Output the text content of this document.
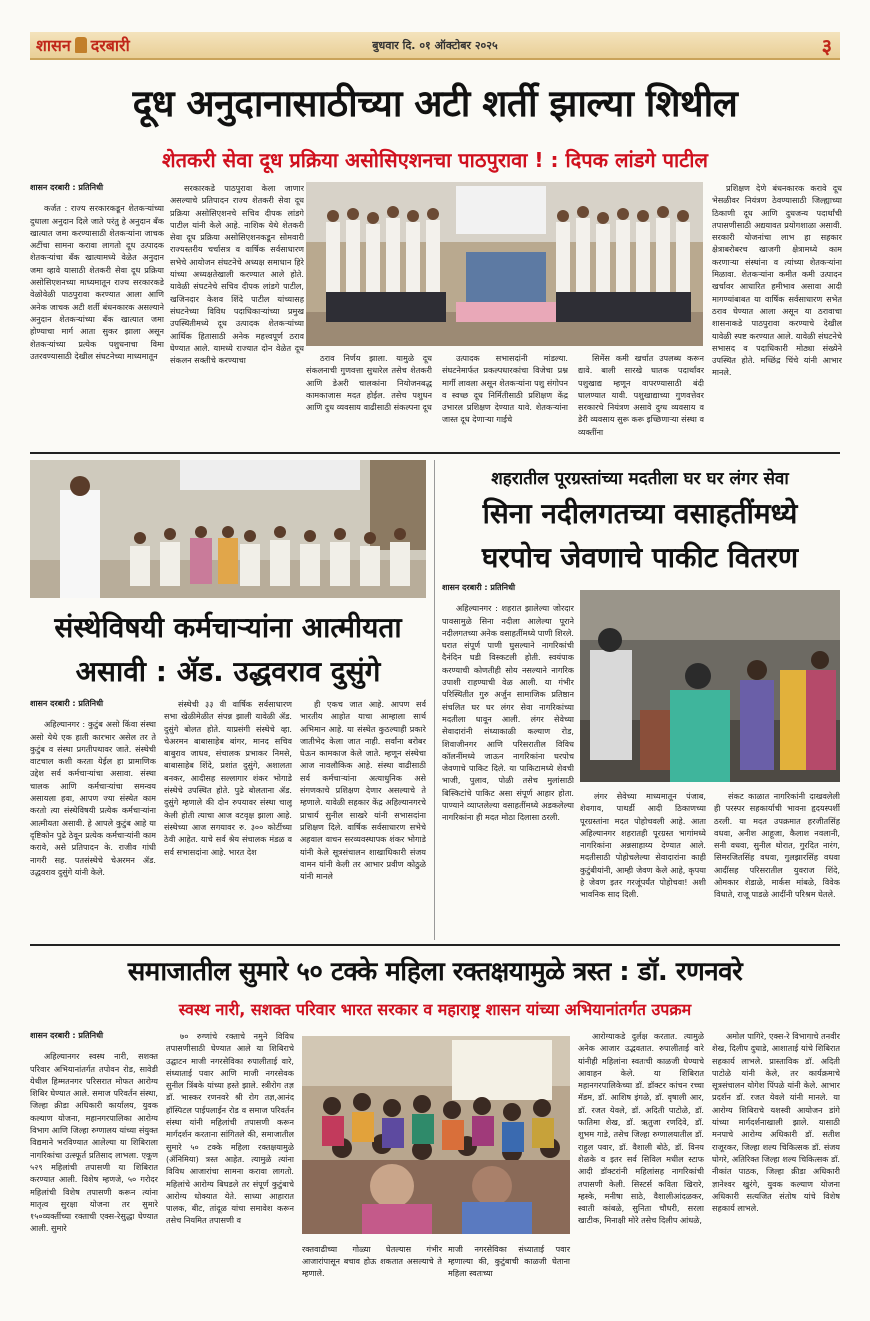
शासन दरबारी	बुधवार दि. ०१ ऑक्टोबर २०२५	३
दूध अनुदानासाठीच्या अटी शर्ती झाल्या शिथील
शेतकरी सेवा दूध प्रक्रिया असोसिएशनचा पाठपुरावा ! : दिपक लांडगे पाटील
शासन दरबारी : प्रतिनिधी

कर्जत : राज्य सरकारकडून शेतकऱ्यांच्या दुधाला अनुदान दिले जाते परंतु हे अनुदान बँक खात्यात जमा करण्यासाठी शेतकऱ्यांना जाचक अटींचा सामना करावा लागतो दूध उत्पादक शेतकऱ्यांचा बँक खात्यामध्ये वेळेत अनुदान जमा व्हावे यासाठी शेतकरी सेवा दूध प्रक्रिया असोसिएशनच्या माध्यमातून राज्य सरकारकडे वेळोवेळी पाठपुरावा करण्यात आला आणि अनेक जाचक अटी शर्ती बंधनकारक असल्याने अनुदान शेतकऱ्यांच्या बँक खात्यात जमा होण्याचा मार्ग आता सुकर झाला असून शेतकऱ्यांच्या प्रत्येक पशुधनाचा विमा उतरवण्यासाठी देखील संघटनेच्या माध्यमातून

सरकारकडे पाठपुरावा केला जाणार असल्याचे प्रतिपादन राज्य शेतकरी सेवा दूध प्रक्रिया असोसिएशनचे सचिव दीपक लांडगे पाटील यांनी केले आहे. नाशिक येथे शेतकरी सेवा दूध प्रक्रिया असोसिएशनकडून सोमवारी राज्यस्तरीय चर्चासत्र व वार्षिक सर्वसाधारण सभेचे आयोजन संघटनेचे अध्यक्ष समाधान हिरे यांच्या अध्यक्षतेखाली करण्यात आले होते. यावेळी संघटनेचे सचिव दीपक लांडगे पाटील, खजिनदार केशव शिंदे पाटील यांच्यासह संघटनेच्या विविध पदाधिकाऱ्यांच्या प्रमुख उपस्थितीमध्ये दूध उत्पादक शेतकऱ्यांच्या आर्थिक हितासाठी अनेक महत्त्वपूर्ण ठराव घेण्यात आले. यामध्ये राज्यात दोन वेळेत दूध संकलन सक्तीचे करण्याचा	ठराव निर्णय झाला. यामुळे दूध संकलनाची गुणवत्ता सुधारेल तसेच शेतकरी आणि डेअरी चालकांना नियोजनबद्ध कामकाजास मदत होईल. तसेच पशुधन आणि दुध व्यवसाय वाढीसाठी संकल्पना दूध

उत्पादक सभासदांनी मांडल्या. संघटनेमार्फत प्रकल्पधारकांचा विजेचा प्रश्न मार्गी लावला असून शेतकऱ्यांना पशु संगोपन व स्वच्छ दूध निर्मितीसाठी प्रशिक्षण केंद्र उभारल प्रशिक्षण देण्यात यावे. शेतकऱ्यांना जास्त दूध देणाऱ्या गाईचे

सिमेंस कमी खर्चात उपलब्ध करून द्यावे. बाली सारखे घातक पदार्थांवर पशुखाद्य म्हणून वापरण्यासाठी बंदी घालण्यात यावी. पशुखाद्याच्या गुणवत्तेवर सरकारचे नियंत्रण असावे दुग्ध व्यवसाय व डेरी व्यवसाय सुरू करू इच्छिणाऱ्या संस्था व व्यक्तींना

प्रशिक्षण देणे बंधनकारक करावे दूध भेसळीवर नियंत्रण ठेवण्यासाठी जिल्ह्याच्या ठिकाणी दूध आणि दुधजन्य पदार्थांची तपासणीसाठी अद्ययावत प्रयोगशाळा असावी. सरकारी योजनांचा लाभ हा सहकार क्षेत्राबरोबरच खाजगी क्षेत्रामध्ये काम करणाऱ्या संस्थांना व त्यांच्या शेतकऱ्यांना मिळावा. शेतकऱ्यांना कमीत कमी उत्पादन खर्चावर आधारित हमीभाव असावा आदी मागण्यांबाबत या वार्षिक सर्वसाधारण सभेत ठराव घेण्यात आला असून या ठरावाचा शासनाकडे पाठपुरावा करण्याचे देखील यावेळी स्पष्ट करण्यात आले. यावेळी संघटनेचे सभासद व पदाधिकारी मोठ्या संख्येने उपस्थित होते. मच्छिंद्र चिंचे यांनी आभार मानले.

संस्थेविषयी कर्मचाऱ्यांना आत्मीयता
असावी : ॲड. उद्धवराव दुसुंगे
शासन दरबारी : प्रतिनिधी

अहिल्यानगर : कुटुंब असो किंवा संस्था असो येथे एक हाती कारभार असेल तर ते कुटुंब व संस्था प्रगतीपथावर जाते. संस्थेची वाटचाल कशी करता येईल हा प्रामाणिक उद्देश सर्व कर्मचाऱ्यांचा असावा. संस्था चालक आणि कर्मचाऱ्यांचा समन्वय असायला हवा, आपण ज्या संस्थेत काम करतो त्या संस्थेविषयी प्रत्येक कर्मचाऱ्यांना आत्मीयता असावी. हे आपले कुटुंब आहे या दृष्टिकोन पुढे ठेवून प्रत्येक कर्मचाऱ्यांनी काम करावे, असे प्रतिपादन के. राजीव गांधी नागरी सह. पतसंस्थेचे चेअरमन ॲड. उद्धवराव दुसुंगे यांनी केले.

संस्थेची ३३ वी वार्षिक सर्वसाधारण सभा खेळीमेळीत संपन्न झाली यावेळी ॲड. दुसुंगे बोलत होते. याप्रसंगी संस्थेचे व्हा. चेअरमन बाबासाहेब बांगर, मानद सचिव बाबुराव जाधव, संचालक प्रभाकर निमसे, बाबासाहेब शिंदे, प्रशांत दुसुंगे, अशालता बनकर, आदीसह सल्लागार शंकर भोगाडे संस्थेचे उपस्थित होते. पुढे बोलताना ॲड. दुसुंगे म्हणाले की दोन रुपयावर संस्था चालू केली होती त्याचा आज वटवृक्ष झाला आहे. संस्थेच्या आज सगयावर रु. ३०० कोटींच्या ठेवी आहेत. याचे सर्व श्रेय संचालक मंडळ व सर्व सभासदांना आहे. भारत देश

ही एकच जात आहे. आपण सर्व भारतीय आहोत याचा आम्हाला सार्थ अभिमान आहे. या संस्थेत कुठल्याही प्रकारे जातीभेद केला जात नाही. सर्वांना बरोबर घेऊन कामकाज केले जाते. म्हणून संस्थेचा आज नावलौकिक आहे. संस्था वाढीसाठी सर्व कर्मचाऱ्यांना अत्याधुनिक असे संगणकाचे प्रशिक्षण देणार असल्याचे ते म्हणाले. यावेळी सहकार केंद्र अहिल्यानगरचे प्राचार्य सुनील साखरे यांनी सभासदांना प्रशिक्षण दिले. वार्षिक सर्वसाधारण सभेचे अहवाल वाचन सरव्यवस्थापक शंकर भोगाडे यांनी केले सूत्रसंचालन शाखाधिकारी संजय वामन यांनी केली तर आभार प्रवीण कोठुळे यांनी मानले

शहरातील पूरग्रस्तांच्या मदतीला घर घर लंगर सेवा
सिना नदीलगतच्या वसाहतींमध्ये
घरपोच जेवणाचे पाकीट वितरण
शासन दरबारी : प्रतिनिधी

अहिल्यानगर : शहरात झालेल्या जोरदार पावसामुळे सिना नदीला आलेल्या पूराने नदीलगतच्या अनेक वसाहतींमध्ये पाणी शिरले. घरात संपूर्ण पाणी घुसल्याने नागरिकांची दैनंदिन घडी विस्कटली होती. स्वयंपाक करण्याची कोणतीही सोय नसल्याने नागरिक उपाशी राहण्याची वेळ आली. या गंभीर परिस्थितीत गुरु अर्जुन सामाजिक प्रतिष्ठान संचलित घर घर लंगर सेवा नागरिकांच्या मदतीला धावून आली. लंगर सेवेच्या सेवादारांनी संध्याकाळी कल्याण रोड, शिवाजीनगर आणि परिसरातील विविध कॉलनींमध्ये जाऊन नागरिकांना घरपोच जेवणाचे पाकिट दिले. या पाकिटामध्ये शेवची भाजी, पुलाव, पोळी तसेच मुलांसाठी बिस्किटांचे पाकिट असा संपूर्ण आहार होता. पाण्याने व्याप्तलेल्या वसाहतींमध्ये अडकलेल्या नागरिकांना ही मदत मोठा दिलासा ठरली.

लंगर सेवेच्या माध्यमातून पंजाब, शेवगाव, पाथर्डी आदी ठिकाणच्या पूरग्रस्तांना मदत पोहोचवली आहे. आता अहिल्यानगर शहरातही पूरग्रस्त भागांमध्ये नागरिकांना अन्नसाहाय्य देण्यात आले. मदतीसाठी पोहोचलेल्या सेवादारांना काही कुटुंबीयांनी, आम्ही जेवण केले आहे, कृपया हे जेवण इतर गरजूंपर्यंत पोहोचवा! अशी भावनिक साद दिली.

संकट काळात नागरिकांनी दाखवलेली ही परस्पर सहकार्याची भावना हृदयस्पर्शी ठरली. या मदत उपक्रमात हरजीतसिंह वधवा, अनीश आहूजा, कैलाश नवलानी, सनी वधवा, सुनील थोरात, गुरदित नारंग, सिमरजितसिंह वधवा, गुलझारसिंह वधवा आदींसह परिसरातील युवराज शिंदे, ओमकार शेडाळे, मार्कस मांबळे, विवेक विधाते, राजू पाडळे आदींनी परिश्रम घेतले.

समाजातील सुमारे ५० टक्के महिला रक्तक्षयामुळे त्रस्त : डॉ. रणनवरे
स्वस्थ नारी, सशक्त परिवार भारत सरकार व महाराष्ट्र शासन यांच्या अभियानांतर्गत उपक्रम
शासन दरबारी : प्रतिनिधी

अहिल्यानगर स्वस्थ नारी, सशक्त परिवार अभियानांतर्गत तपोवन रोड, सावेडी येथील हिम्मतनगर परिसरात मोफत आरोग्य शिबिर घेण्यात आले. समाज परिवर्तन संस्था, जिल्हा क्रीडा अधिकारी कार्यालय, युवक कल्याण योजना, महानगरपालिका आरोग्य विभाग आणि जिल्हा रुग्णालय यांच्या संयुक्त विद्यमाने भरविण्यात आलेल्या या शिबिराला नागरिकांचा उत्स्फूर्त प्रतिसाद लाभला. एकूण ५२९ महिलांची तपासणी या शिबिरात करण्यात आली. विशेष म्हणजे, ५० गरोदर महिलांची विशेष तपासणी करून त्यांना मातृत्व सुरक्षा योजना तर सुमारे १५०व्यक्तींच्या रक्ताची एक्स-रेसुद्धा घेण्यात आली. सुमारे

७० रुग्णांचे रक्ताचे नमुने विविध तपासणीसाठी घेण्यात आले या शिबिराचे उद्घाटन माजी नगरसेविका रुपालीताई वारे, संध्याताई पवार आणि माजी नगरसेवक सुनील त्रिंबके यांच्या हस्ते झाले. स्त्रीरोग तज्ञ डॉ. भास्कर रणनवरे श्री रोग तज्ञ,आनंद हॉस्पिटल पाईपलाईन रोड व समाज परिवर्तन संस्था यांनी महिलांची तपासणी करून मार्गदर्शन करताना सांगितले की, समाजातील सुमारे ५० टक्के महिला रक्तक्षयामुळे (ॲनिमिया) त्रस्त आहेत. त्यामुळे त्यांना विविध आजारांचा सामना करावा लागतो. महिलांचे आरोग्य बिघडले तर संपूर्ण कुटुंबाचे आरोग्य धोक्यात येते. साध्या आहारात पालक, बीट, तांदूळ यांचा समावेश करून तसेच नियमित तपासणी व

रक्तवाढीच्या गोळ्या घेतल्यास गंभीर आजारांपासून बचाव होऊ शकतात असल्याचे ते म्हणाले.
माजी नगरसेविका संध्याताई पवार म्हणाल्या की, कुटुंबाची काळजी घेताना महिला स्वतःच्या

आरोग्याकडे दुर्लक्ष करतात. त्यामुळे अनेक आजार उद्भवतात. रुपालीताई वारे यांनीही महिलांना स्वतःची काळजी घेण्याचे आवाहन केले. या शिबिरात महानगरपालिकेच्या डॉ. डॉक्टर कांचन रच्चा मॅडम, डॉ. आशिष इंगळे, डॉ. वृषाली आर, डॉ. रजत येवले, डॉ. अदिती पाटोळे, डॉ. फातिमा शेख, डॉ. ऋतुजा रणदिवे, डॉ. शुभम गाडे, तसेच जिल्हा रुग्णालयातील डॉ. राहुल पवार, डॉ. वैशाली बोठे, डॉ. विनय शेळके व इतर सर्व सिविल मधील स्टाफ आदी डॉक्टरांनी महिलांसह नागरिकांची तपासणी केली. सिस्टर्स कविता खिरारे, म्हस्के, मनीषा साठे, वैशालीआंदळकर, स्वाती कांबळे, सुनिता चौधरी, सरला खाटीक, मिनाक्षी मोरे तसेच दिलीप आंधळे,

अमोल पागिरे, एक्स-रे विभागाचे तनवीर शेख, दिलीप दुधाडे, आशाताई यांचे शिबिरात सहकार्य लाभले. प्रास्ताविक डॉ. अदिती पाटोळे यांनी केले, तर कार्यक्रमाचे सूत्रसंचालन योगेश पिंपळे यांनी केले. आभार प्रदर्शन डॉ. रजत येवले यांनी मानले. या आरोग्य शिबिराचे यशस्वी आयोजन डांगे यांच्या मार्गदर्शनाखाली झाले. यासाठी मनपाचे आरोग्य अधिकारी डॉ. सतीश राजूरकर, जिल्हा शल्य चिकित्सक डॉ. संजय घोगरे, अतिरिक्त जिल्हा शल्य चिकित्सक डॉ. नीकांत पाठक, जिल्हा क्रीडा अधिकारी ज्ञानेश्वर खुरंगे, युवक कल्याण योजना अधिकारी सत्यजित संतोष यांचे विशेष सहकार्य लाभले.
